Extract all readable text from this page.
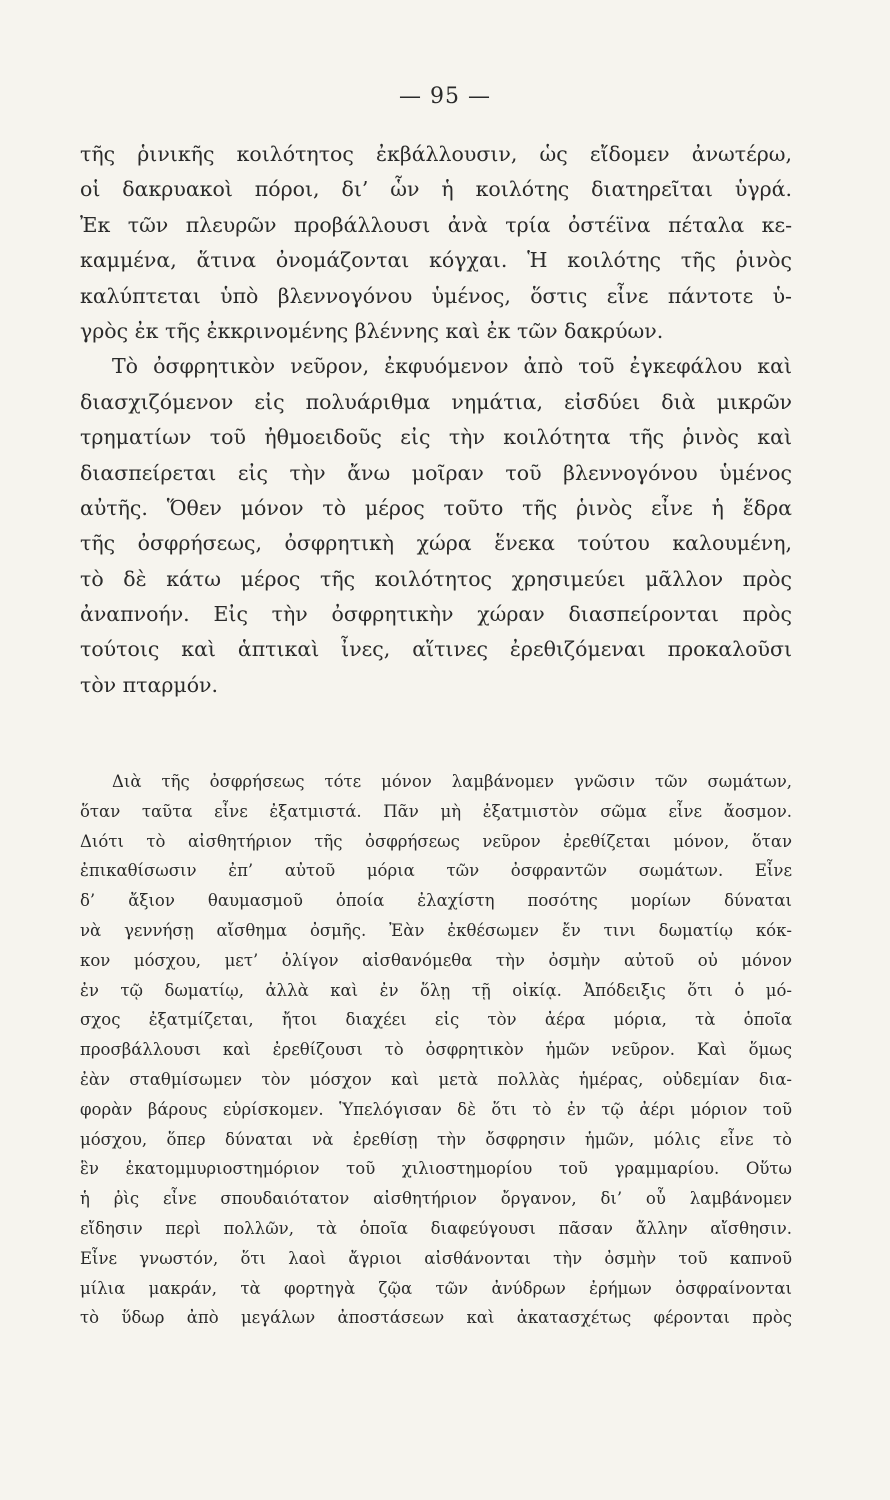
— 95 —
τῆς ῥινικῆς κοιλότητος ἐκβάλλουσιν, ὡς εἴδομεν ἀνωτέρω,
οἱ δακρυακοὶ πόροι, δι’ ὧν ἡ κοιλότης διατηρεῖται ὑγρά.
Ἐκ τῶν πλευρῶν προβάλλουσι ἀνὰ τρία ὀστέϊνα πέταλα κε-
καμμένα, ἅτινα ὀνομάζονται κόγχαι. Ἡ κοιλότης τῆς ῥινὸς
καλύπτεται ὑπὸ βλεννογόνου ὑμένος, ὅστις εἶνε πάντοτε ὑ-
γρὸς ἐκ τῆς ἐκκρινομένης βλέννης καὶ ἐκ τῶν δακρύων.
Τὸ ὀσφρητικὸν νεῦρον, ἐκφυόμενον ἀπὸ τοῦ ἐγκεφάλου καὶ
διασχιζόμενον εἰς πολυάριθμα νημάτια, εἰσδύει διὰ μικρῶν
τρηματίων τοῦ ἠθμοειδοῦς εἰς τὴν κοιλότητα τῆς ῥινὸς καὶ
διασπείρεται εἰς τὴν ἄνω μοῖραν τοῦ βλεννογόνου ὑμένος
αὐτῆς. Ὅθεν μόνον τὸ μέρος τοῦτο τῆς ῥινὸς εἶνε ἡ ἕδρα
τῆς ὀσφρήσεως, ὀσφρητικὴ χώρα ἕνεκα τούτου καλουμένη,
τὸ δὲ κάτω μέρος τῆς κοιλότητος χρησιμεύει μᾶλλον πρὸς
ἀναπνοήν. Εἰς τὴν ὀσφρητικὴν χώραν διασπείρονται πρὸς
τούτοις καὶ ἁπτικαὶ ἶνες, αἵτινες ἐρεθιζόμεναι προκαλοῦσι
τὸν πταρμόν.
Διὰ τῆς ὀσφρήσεως τότε μόνον λαμβάνομεν γνῶσιν τῶν σωμάτων,
ὅταν ταῦτα εἶνε ἐξατμιστά. Πᾶν μὴ ἐξατμιστὸν σῶμα εἶνε ἄοσμον.
Διότι τὸ αἰσθητήριον τῆς ὀσφρήσεως νεῦρον ἐρεθίζεται μόνον, ὅταν
ἐπικαθίσωσιν ἐπ’ αὐτοῦ μόρια τῶν ὀσφραντῶν σωμάτων. Εἶνε
δ’ ἄξιον θαυμασμοῦ ὁποία ἐλαχίστη ποσότης μορίων δύναται
νὰ γεννήσῃ αἴσθημα ὀσμῆς. Ἐὰν ἐκθέσωμεν ἔν τινι δωματίῳ κόκ-
κον μόσχου, μετ’ ὀλίγον αἰσθανόμεθα τὴν ὀσμὴν αὐτοῦ οὐ μόνον
ἐν τῷ δωματίῳ, ἀλλὰ καὶ ἐν ὅλῃ τῇ οἰκίᾳ. Ἀπόδειξις ὅτι ὁ μό-
σχος ἐξατμίζεται, ἤτοι διαχέει εἰς τὸν ἀέρα μόρια, τὰ ὁποῖα
προσβάλλουσι καὶ ἐρεθίζουσι τὸ ὀσφρητικὸν ἡμῶν νεῦρον. Καὶ ὅμως
ἐὰν σταθμίσωμεν τὸν μόσχον καὶ μετὰ πολλὰς ἡμέρας, οὐδεμίαν δια-
φορὰν βάρους εὑρίσκομεν. Ὑπελόγισαν δὲ ὅτι τὸ ἐν τῷ ἀέρι μόριον τοῦ
μόσχου, ὅπερ δύναται νὰ ἐρεθίσῃ τὴν ὄσφρησιν ἡμῶν, μόλις εἶνε τὸ
ἓν ἑκατομμυριοστημόριον τοῦ χιλιοστημορίου τοῦ γραμμαρίου. Οὕτω
ἡ ῥὶς εἶνε σπουδαιότατον αἰσθητήριον ὄργανον, δι’ οὗ λαμβάνομεν
εἴδησιν περὶ πολλῶν, τὰ ὁποῖα διαφεύγουσι πᾶσαν ἄλλην αἴσθησιν.
Εἶνε γνωστόν, ὅτι λαοὶ ἄγριοι αἰσθάνονται τὴν ὀσμὴν τοῦ καπνοῦ
μίλια μακράν, τὰ φορτηγὰ ζῷα τῶν ἀνύδρων ἐρήμων ὀσφραίνονται
τὸ ὕδωρ ἀπὸ μεγάλων ἀποστάσεων καὶ ἀκατασχέτως φέρονται πρὸς
